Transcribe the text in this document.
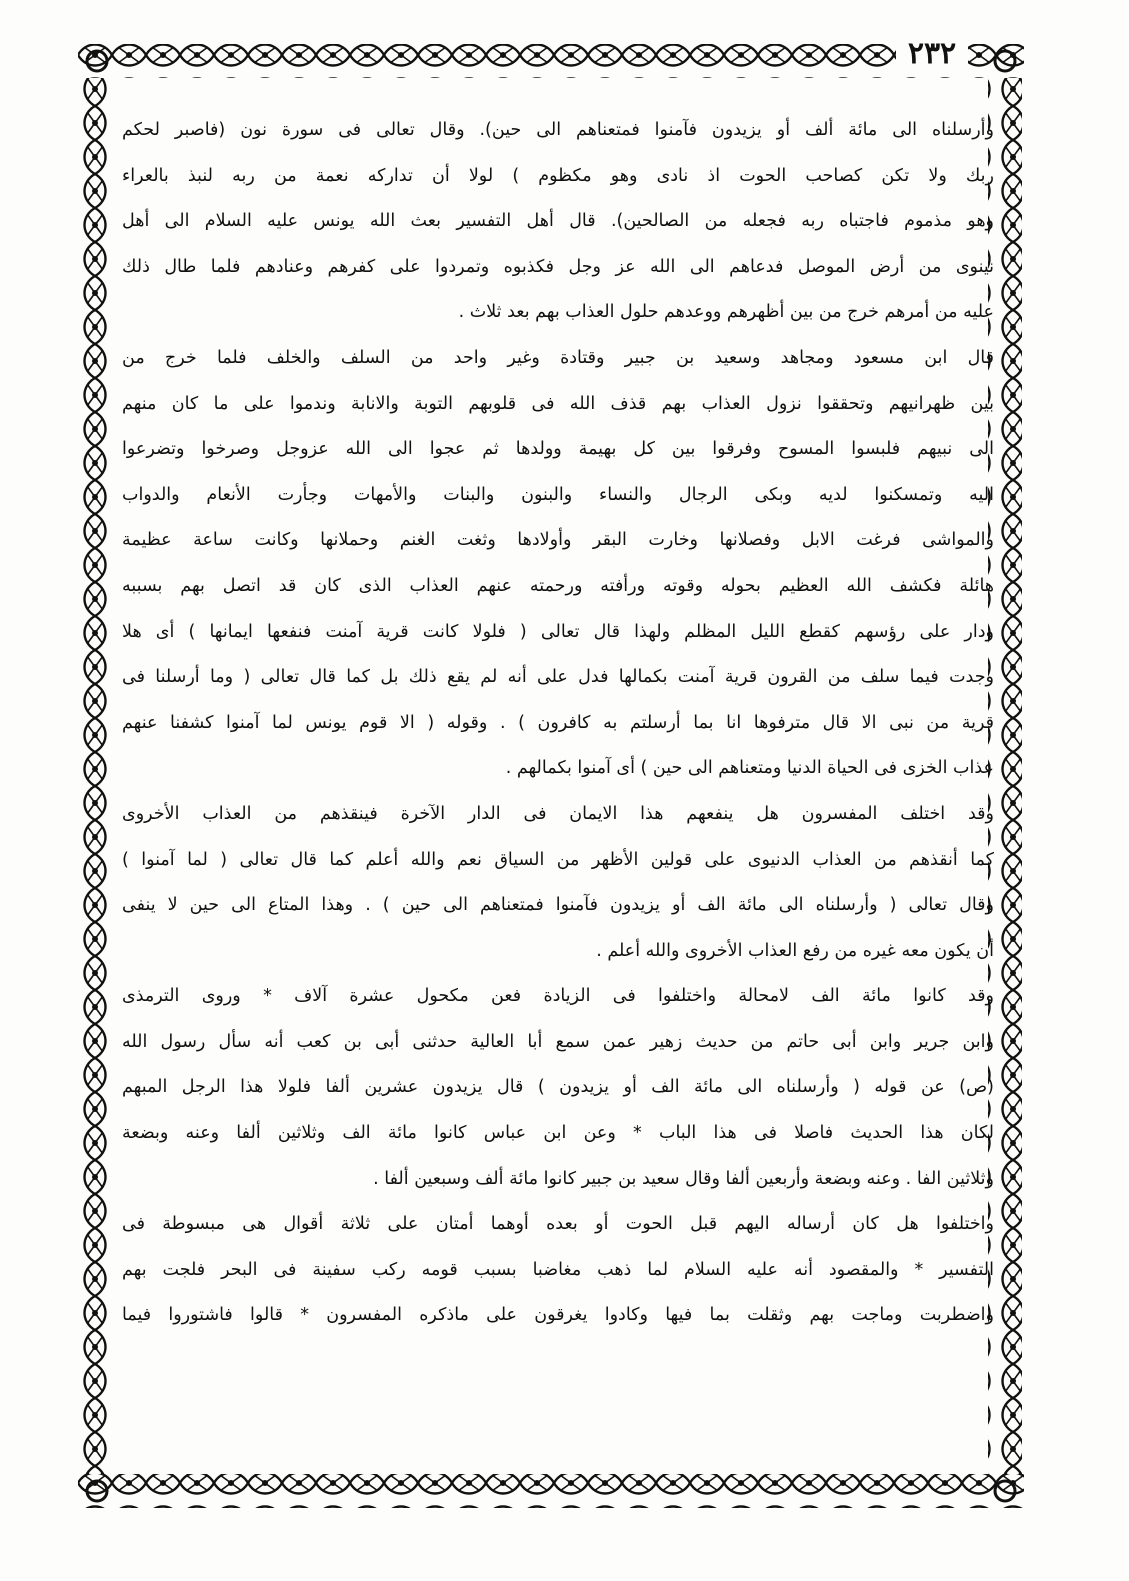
٢٣٢
وأرسلناه الى مائة ألف أو يزيدون فآمنوا فمتعناهم الى حين). وقال تعالى فى سورة نون (فاصبر لحكم
ربك ولا تكن كصاحب الحوت اذ نادى وهو مكظوم ) لولا أن تداركه نعمة من ربه لنبذ بالعراء
وهو مذموم فاجتباه ربه فجعله من الصالحين). قال أهل التفسير بعث الله يونس عليه السلام الى أهل
نينوى من أرض الموصل فدعاهم الى الله عز وجل فكذبوه وتمردوا على كفرهم وعنادهم فلما طال ذلك
عليه من أمرهم خرج من بين أظهرهم ووعدهم حلول العذاب بهم بعد ثلاث .
قال ابن مسعود ومجاهد وسعيد بن جبير وقتادة وغير واحد من السلف والخلف فلما خرج من
بين ظهرانيهم وتحققوا نزول العذاب بهم قذف الله فى قلوبهم التوبة والانابة وندموا على ما كان منهم
الى نبيهم فلبسوا المسوح وفرقوا بين كل بهيمة وولدها ثم عجوا الى الله عزوجل وصرخوا وتضرعوا
اليه وتمسكنوا لديه وبكى الرجال والنساء والبنون والبنات والأمهات وجأرت الأنعام والدواب
والمواشى فرغت الابل وفصلانها وخارت البقر وأولادها وثغت الغنم وحملانها وكانت ساعة عظيمة
هائلة فكشف الله العظيم بحوله وقوته ورأفته ورحمته عنهم العذاب الذى كان قد اتصل بهم بسببه
ودار على رؤسهم كقطع الليل المظلم ولهذا قال تعالى ( فلولا كانت قرية آمنت فنفعها ايمانها ) أى هلا
وجدت فيما سلف من القرون قرية آمنت بكمالها فدل على أنه لم يقع ذلك بل كما قال تعالى ( وما أرسلنا فى
قرية من نبى الا قال مترفوها انا بما أرسلتم به كافرون ) . وقوله ( الا قوم يونس لما آمنوا كشفنا عنهم
عذاب الخزى فى الحياة الدنيا ومتعناهم الى حين ) أى آمنوا بكمالهم .
وقد اختلف المفسرون هل ينفعهم هذا الايمان فى الدار الآخرة فينقذهم من العذاب الأخروى
كما أنقذهم من العذاب الدنيوى على قولين الأظهر من السياق نعم والله أعلم كما قال تعالى ( لما آمنوا )
وقال تعالى ( وأرسلناه الى مائة الف أو يزيدون فآمنوا فمتعناهم الى حين ) . وهذا المتاع الى حين لا ينفى
أن يكون معه غيره من رفع العذاب الأخروى والله أعلم .
وقد كانوا مائة الف لامحالة واختلفوا فى الزيادة فعن مكحول عشرة آلاف * وروى الترمذى
وابن جرير وابن أبى حاتم من حديث زهير عمن سمع أبا العالية حدثنى أبى بن كعب أنه سأل رسول الله
(ص) عن قوله ( وأرسلناه الى مائة الف أو يزيدون ) قال يزيدون عشرين ألفا فلولا هذا الرجل المبهم
لكان هذا الحديث فاصلا فى هذا الباب * وعن ابن عباس كانوا مائة الف وثلاثين ألفا وعنه وبضعة
وثلاثين الفا . وعنه وبضعة وأربعين ألفا وقال سعيد بن جبير كانوا مائة ألف وسبعين ألفا .
واختلفوا هل كان أرساله اليهم قبل الحوت أو بعده أوهما أمتان على ثلاثة أقوال هى مبسوطة فى
التفسير * والمقصود أنه عليه السلام لما ذهب مغاضبا بسبب قومه ركب سفينة فى البحر فلجت بهم
واضطربت وماجت بهم وثقلت بما فيها وكادوا يغرقون على ماذكره المفسرون * قالوا فاشتوروا فيما
